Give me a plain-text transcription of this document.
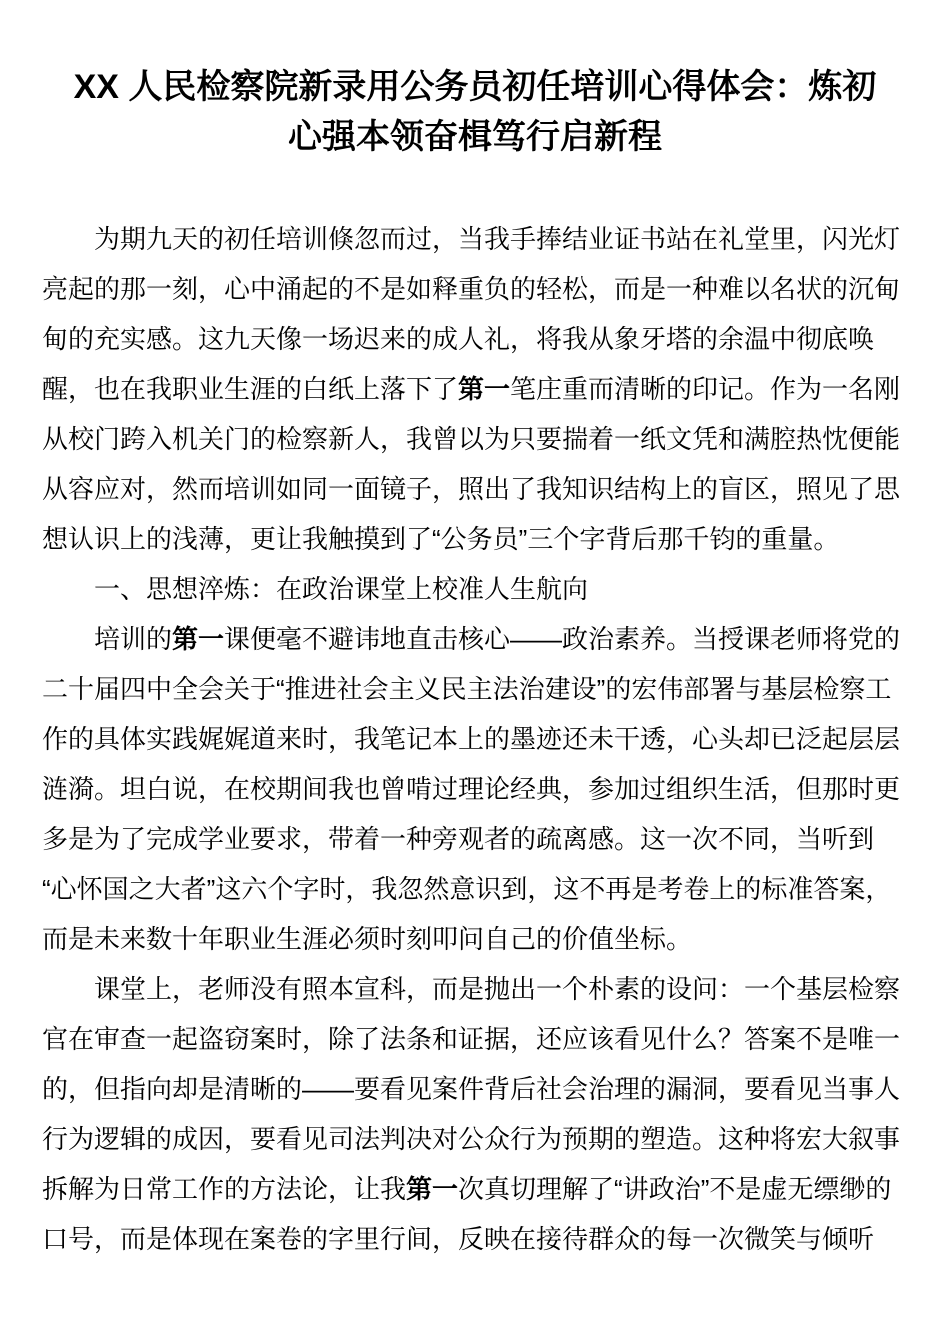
XX 人民检察院新录用公务员初任培训心得体会：炼初心强本领奋楫笃行启新程

为期九天的初任培训倏忽而过，当我手捧结业证书站在礼堂里，闪光灯亮起的那一刻，心中涌起的不是如释重负的轻松，而是一种难以名状的沉甸甸的充实感。这九天像一场迟来的成人礼，将我从象牙塔的余温中彻底唤醒，也在我职业生涯的白纸上落下了第一笔庄重而清晰的印记。作为一名刚从校门跨入机关门的检察新人，我曾以为只要揣着一纸文凭和满腔热忱便能从容应对，然而培训如同一面镜子，照出了我知识结构上的盲区，照见了思想认识上的浅薄，更让我触摸到了“公务员”三个字背后那千钧的重量。

一、思想淬炼：在政治课堂上校准人生航向

培训的第一课便毫不避讳地直击核心——政治素养。当授课老师将党的二十届四中全会关于“推进社会主义民主法治建设”的宏伟部署与基层检察工作的具体实践娓娓道来时，我笔记本上的墨迹还未干透，心头却已泛起层层涟漪。坦白说，在校期间我也曾啃过理论经典，参加过组织生活，但那时更多是为了完成学业要求，带着一种旁观者的疏离感。这一次不同，当听到“心怀国之大者”这六个字时，我忽然意识到，这不再是考卷上的标准答案，而是未来数十年职业生涯必须时刻叩问自己的价值坐标。

课堂上，老师没有照本宣科，而是抛出一个朴素的设问：一个基层检察官在审查一起盗窃案时，除了法条和证据，还应该看见什么？答案不是唯一的，但指向却是清晰的——要看见案件背后社会治理的漏洞，要看见当事人行为逻辑的成因，要看见司法判决对公众行为预期的塑造。这种将宏大叙事拆解为日常工作的方法论，让我第一次真切理解了“讲政治”不是虚无缥缈的口号，而是体现在案卷的字里行间，反映在接待群众的每一次微笑与倾听
